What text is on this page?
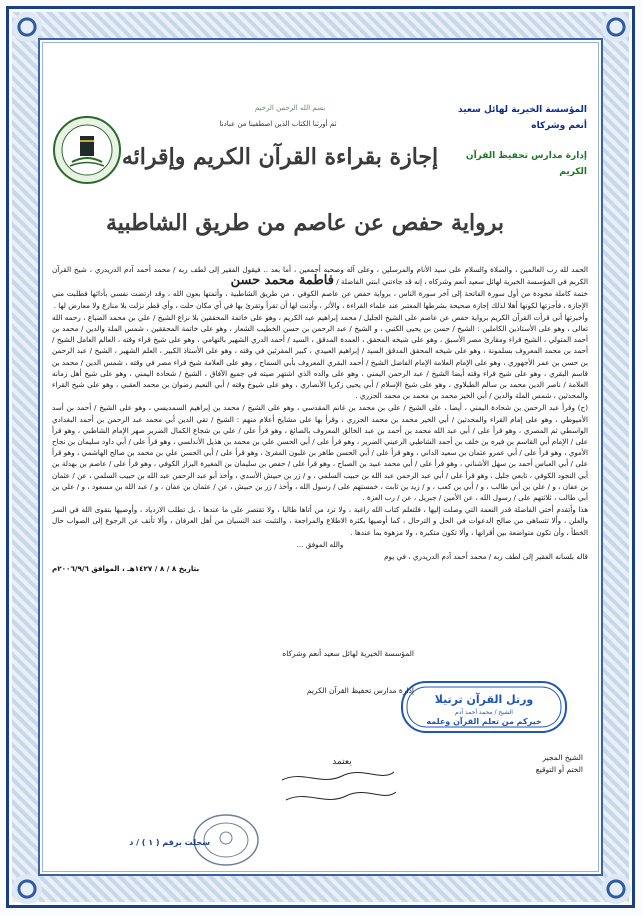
المؤسسة الخيرية لهائل سعيد أنعم وشركاه
إدارة مدارس تحفيظ القرآن الكريم
بسم الله الرحمن الرحيم
ثم أورثنا الكتاب الذين اصطفينا من عبادنا
إجازة بقراءة القرآن الكريم وإقرائه
برواية حفص عن عاصم من طريق الشاطبية

الحمد لله رب العالمين ، والصلاة والسلام على سيد الأنام والمرسلين ، وعلى آله وصحبه أجمعين ، أما بعد .. فيقول الفقير إلى لطف ربه / محمد أحمد آدم الدريدري ، شيخ القرآن الكريم في المؤسسة الخيرية لهائل سعيد أنعم وشركاه ، إنه قد جاءتني ابنتي الفاضلة / فاطمة محمد حسن

ختمة كاملة مجودة من أول سورة الفاتحة إلى آخر سورة الناس ، برواية حفص عن عاصم الكوفي ، من طريق الشاطبية ، وأتمتها بعون الله ، وقد ارتضت نفسي بأدائها فطلبت مني الإجازة ، فأجزتها لكونها أهلا لذلك إجازة صحيحة بشرطها المعتبر عند علماء القراءة ، والأثر ، وأذنت لها أن تقرأ وتقرئ بها في أي مكان حلت ، وأي قطر نزلت بلا منازع ولا معارض لها .

وأخبرتها أني قرأت القرآن الكريم برواية حفص عن عاصم على الشيخ الجليل / محمد إبراهيم عبد الكريم ، وهو على خاتمة المحققين بلا نزاع الشيخ / علي بن محمد الضباع ، رحمه الله تعالى ، وهو على الأستاذين الكاملين : الشيخ / حسن بن يحيى الكتبي ، و الشيخ / عبد الرحمن بن حسن الخطيب الشعار ، وهو على خاتمة المحققين ، شمس الملة والدين / محمد بن أحمد المتولي ، الشيخ قراء ومقارئ مصر الأسبق ، وهو على شيخه المحقق ، العمدة المدقق ، السيد / أحمد الدري الشهير بالتهامي ، وهو على شيخ قراء وقته ، العالم العامل الشيخ / أحمد بن محمد المعروف بسلمونة ، وهو على شيخه المحقق المدقق السيد / إبراهيم العبيدي ، كبير المقرئين في وقته ، وهو على الأستاذ الكبير ، العلم الشهير ، الشيخ / عبد الرحمن بن حسن بن عمر الأجهوري ، وهو على الإمام العلامة الإمام الفاضل الشيخ / أحمد البقري المعروف بأبي السماح ، وهو على العلامة شيخ قراء مصر في وقته ، شمس الدين / محمد بن قاسم البقري ، وهو على شيخ قراء وقته أيضا الشيخ / عبد الرحمن اليمني ، وهو على والده الذي اشتهر صيته في جميع الآفاق ، الشيخ / شحادة اليمني ، وهو على شيخ أهل زمانه العلامة / ناصر الدين محمد بن سالم الطبلاوي ، وهو على شيخ الإسلام / أبي يحيى زكريا الأنصاري ، وهو على شيوخ وقته / أبي النعيم رضوان بن محمد العقبي ، وهو على شيخ القراء والمحدثين ، شمس الملة والدين / أبي الخير محمد بن محمد بن محمد الجزري .

(ح) وقرأ عبد الرحمن بن شحادة اليمني ، أيضا ، على الشيخ / علي بن محمد بن غانم المقدسي ، وهو على الشيخ / محمد بن إبراهيم السمديسي ، وهو على الشيخ / أحمد بن أسد الأميوطي ، وهو على إمام القراء والمحدثين / أبي الخير محمد بن محمد الجزري ، وقرأ بها على مشايخ أعلام منهم : الشيخ / تقي الدين أبي محمد عبد الرحمن بن أحمد البغدادي الواسطي ثم المصري ، وهو قرأ على / أبي عبد الله محمد بن أحمد بن عبد الخالق المعروف بالصائغ ، وهو قرأ على / علي بن شجاع الكمال الضرير صهر الإمام الشاطبي ، وهو قرأ على / الإمام أبي القاسم بن فيره بن خلف بن أحمد الشاطبي الرعيني الضرير ، وهو قرأ على / أبي الحسن علي بن محمد بن هذيل الأندلسي ، وهو قرأ على / أبي داود سليمان بن نجاح الأموي ، وهو قرأ على / أبي عمرو عثمان بن سعيد الداني ، وهو قرأ على / أبي الحسن طاهر بن غلبون المقرئ ، وهو قرأ على / أبي الحسن علي بن محمد بن صالح الهاشمي ، وهو قرأ على / أبي العباس أحمد بن سهل الأشناني ، وهو قرأ على / أبي محمد عبيد بن الصباح ، وهو قرأ على / حفص بن سليمان بن المغيرة البزاز الكوفي ، وهو قرأ على / عاصم بن بهدلة بن أبي النجود الكوفي ، تابعي جليل ، وهو قرأ على / أبي عبد الرحمن عبد الله بن حبيب السلمي ، و / زر بن حبيش الأسدي ، وأخذ أبو عبد الرحمن عبد الله بن حبيب السلمي ، عن / عثمان بن عفان ، و / علي بن أبي طالب ، و / أبي بن كعب ، و / زيد بن ثابت ، خمستهم على / رسول الله ، وأخذ / زر بن حبيش ، عن / عثمان بن عفان ، و / عبد الله بن مسعود ، و / علي بن أبي طالب ، ثلاثتهم على / رسول الله ، عن الأمين / جبريل ، عن / رب العزة .

هذا وأتقدم أختي الفاضلة قدر النعمة التي وصلت إليها ، فلتعلم كتاب الله راغبة ، ولا ترد من أتاها طالبا ، ولا تقتصر على ما عندها ، بل تطلب الازدياد ، وأوصيها بتقوى الله في السر والعلن ، وألا تتساهى من صالح الدعوات في الحل و الترحال ، كما أوصيها بكثرة الاطلاع والمراجعة ، والتثبت عند النسيان من أهل العرفان ، وألا تأنف عن الرجوع إلى الصواب حال الخطأ ، وأن تكون متواضعة بين أقرانها ، وألا تكون متكبرة ، ولا مزهوة بما عندها .

والله الموفق ...

قاله بلسانه الفقير إلى لطف ربه / محمد أحمد آدم الدريدري ، في يوم

بتاريخ ٨ / ٨ / ١٤٢٧هـ ، الموافق ٢٠٠٦/٩/٦م

الشيخ المجيز
الختم أو التوقيع
ورتل القرآن ترتيلا
الشيخ / محمد أحمد آدم
خيركم من تعلم القرآن وعلمه
المؤسسة الخيرية لهائل سعيد أنعم وشركاه
إدارة مدارس تحفيظ القرآن الكريم
يعتمد
سجلت برقم ( ١ ) / د
